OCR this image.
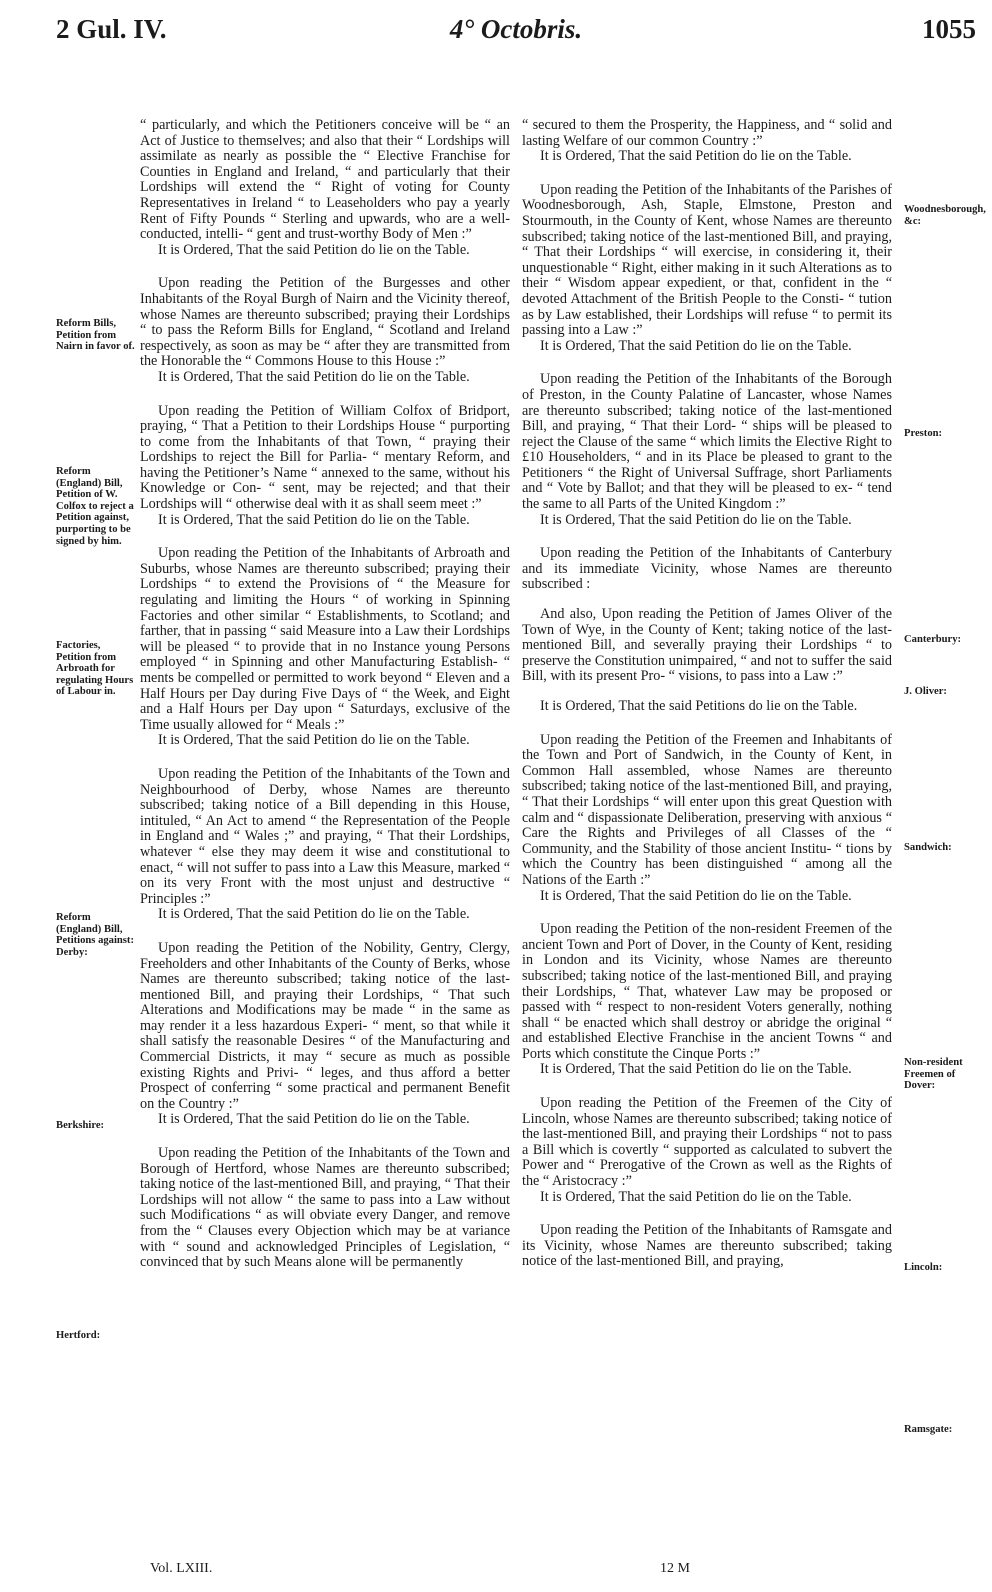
2 Gul. IV.	4° Octobris.	1055

“ particularly, and which the Petitioners conceive will be “ an Act of Justice to themselves; and also that their “ Lordships will assimilate as nearly as possible the “ Elective Franchise for Counties in England and Ireland, “ and particularly that their Lordships will extend the “ Right of voting for County Representatives in Ireland “ to Leaseholders who pay a yearly Rent of Fifty Pounds “ Sterling and upwards, who are a well-conducted, intelli- “ gent and trust-worthy Body of Men :”

It is Ordered, That the said Petition do lie on the Table.

Upon reading the Petition of the Burgesses and other Inhabitants of the Royal Burgh of Nairn and the Vicinity thereof, whose Names are thereunto subscribed; praying their Lordships “ to pass the Reform Bills for England, “ Scotland and Ireland respectively, as soon as may be “ after they are transmitted from the Honorable the “ Commons House to this House :”

It is Ordered, That the said Petition do lie on the Table.

Upon reading the Petition of William Colfox of Bridport, praying, “ That a Petition to their Lordships House “ purporting to come from the Inhabitants of that Town, “ praying their Lordships to reject the Bill for Parlia- “ mentary Reform, and having the Petitioner’s Name “ annexed to the same, without his Knowledge or Con- “ sent, may be rejected; and that their Lordships will “ otherwise deal with it as shall seem meet :”

It is Ordered, That the said Petition do lie on the Table.

Upon reading the Petition of the Inhabitants of Arbroath and Suburbs, whose Names are thereunto subscribed; praying their Lordships “ to extend the Provisions of “ the Measure for regulating and limiting the Hours “ of working in Spinning Factories and other similar “ Establishments, to Scotland; and farther, that in passing “ said Measure into a Law their Lordships will be pleased “ to provide that in no Instance young Persons employed “ in Spinning and other Manufacturing Establish- “ ments be compelled or permitted to work beyond “ Eleven and a Half Hours per Day during Five Days of “ the Week, and Eight and a Half Hours per Day upon “ Saturdays, exclusive of the Time usually allowed for “ Meals :”

It is Ordered, That the said Petition do lie on the Table.

Upon reading the Petition of the Inhabitants of the Town and Neighbourhood of Derby, whose Names are thereunto subscribed; taking notice of a Bill depending in this House, intituled, “ An Act to amend “ the Representation of the People in England and “ Wales ;” and praying, “ That their Lordships, whatever “ else they may deem it wise and constitutional to enact, “ will not suffer to pass into a Law this Measure, marked “ on its very Front with the most unjust and destructive “ Principles :”

It is Ordered, That the said Petition do lie on the Table.

Upon reading the Petition of the Nobility, Gentry, Clergy, Freeholders and other Inhabitants of the County of Berks, whose Names are thereunto subscribed; taking notice of the last-mentioned Bill, and praying their Lordships, “ That such Alterations and Modifications may be made “ in the same as may render it a less hazardous Experi- “ ment, so that while it shall satisfy the reasonable Desires “ of the Manufacturing and Commercial Districts, it may “ secure as much as possible existing Rights and Privi- “ leges, and thus afford a better Prospect of conferring “ some practical and permanent Benefit on the Country :”

It is Ordered, That the said Petition do lie on the Table.

Upon reading the Petition of the Inhabitants of the Town and Borough of Hertford, whose Names are thereunto subscribed; taking notice of the last-mentioned Bill, and praying, “ That their Lordships will not allow “ the same to pass into a Law without such Modifications “ as will obviate every Danger, and remove from the “ Clauses every Objection which may be at variance with “ sound and acknowledged Principles of Legislation, “ convinced that by such Means alone will be permanently

“ secured to them the Prosperity, the Happiness, and “ solid and lasting Welfare of our common Country :”

It is Ordered, That the said Petition do lie on the Table.

Upon reading the Petition of the Inhabitants of the Parishes of Woodnesborough, Ash, Staple, Elmstone, Preston and Stourmouth, in the County of Kent, whose Names are thereunto subscribed; taking notice of the last-mentioned Bill, and praying, “ That their Lordships “ will exercise, in considering it, their unquestionable “ Right, either making in it such Alterations as to their “ Wisdom appear expedient, or that, confident in the “ devoted Attachment of the British People to the Consti- “ tution as by Law established, their Lordships will refuse “ to permit its passing into a Law :”

It is Ordered, That the said Petition do lie on the Table.

Upon reading the Petition of the Inhabitants of the Borough of Preston, in the County Palatine of Lancaster, whose Names are thereunto subscribed; taking notice of the last-mentioned Bill, and praying, “ That their Lord- “ ships will be pleased to reject the Clause of the same “ which limits the Elective Right to £10 Householders, “ and in its Place be pleased to grant to the Petitioners “ the Right of Universal Suffrage, short Parliaments and “ Vote by Ballot; and that they will be pleased to ex- “ tend the same to all Parts of the United Kingdom :”

It is Ordered, That the said Petition do lie on the Table.

Upon reading the Petition of the Inhabitants of Canterbury and its immediate Vicinity, whose Names are thereunto subscribed :

And also, Upon reading the Petition of James Oliver of the Town of Wye, in the County of Kent; taking notice of the last-mentioned Bill, and severally praying their Lordships “ to preserve the Constitution unimpaired, “ and not to suffer the said Bill, with its present Pro- “ visions, to pass into a Law :”

It is Ordered, That the said Petitions do lie on the Table.

Upon reading the Petition of the Freemen and Inhabitants of the Town and Port of Sandwich, in the County of Kent, in Common Hall assembled, whose Names are thereunto subscribed; taking notice of the last-mentioned Bill, and praying, “ That their Lordships “ will enter upon this great Question with calm and “ dispassionate Deliberation, preserving with anxious “ Care the Rights and Privileges of all Classes of the “ Community, and the Stability of those ancient Institu- “ tions by which the Country has been distinguished “ among all the Nations of the Earth :”

It is Ordered, That the said Petition do lie on the Table.

Upon reading the Petition of the non-resident Freemen of the ancient Town and Port of Dover, in the County of Kent, residing in London and its Vicinity, whose Names are thereunto subscribed; taking notice of the last-mentioned Bill, and praying their Lordships, “ That, whatever Law may be proposed or passed with “ respect to non-resident Voters generally, nothing shall “ be enacted which shall destroy or abridge the original “ and established Elective Franchise in the ancient Towns “ and Ports which constitute the Cinque Ports :”

It is Ordered, That the said Petition do lie on the Table.

Upon reading the Petition of the Freemen of the City of Lincoln, whose Names are thereunto subscribed; taking notice of the last-mentioned Bill, and praying their Lordships “ not to pass a Bill which is covertly “ supported as calculated to subvert the Power and “ Prerogative of the Crown as well as the Rights of the “ Aristocracy :”

It is Ordered, That the said Petition do lie on the Table.

Upon reading the Petition of the Inhabitants of Ramsgate and its Vicinity, whose Names are thereunto subscribed; taking notice of the last-mentioned Bill, and praying,

Reform Bills, Petition from Nairn in favor of.
Reform (England) Bill, Petition of W. Colfox to reject a Petition against, purporting to be signed by him.
Factories, Petition from Arbroath for regulating Hours of Labour in.
Reform (England) Bill, Petitions against: Derby:
Berkshire:
Hertford:
Woodnesborough, &c:
Preston:
Canterbury:
J. Oliver:
Sandwich:
Non-resident Freemen of Dover:
Lincoln:
Ramsgate:
Vol. LXIII.	12 M
